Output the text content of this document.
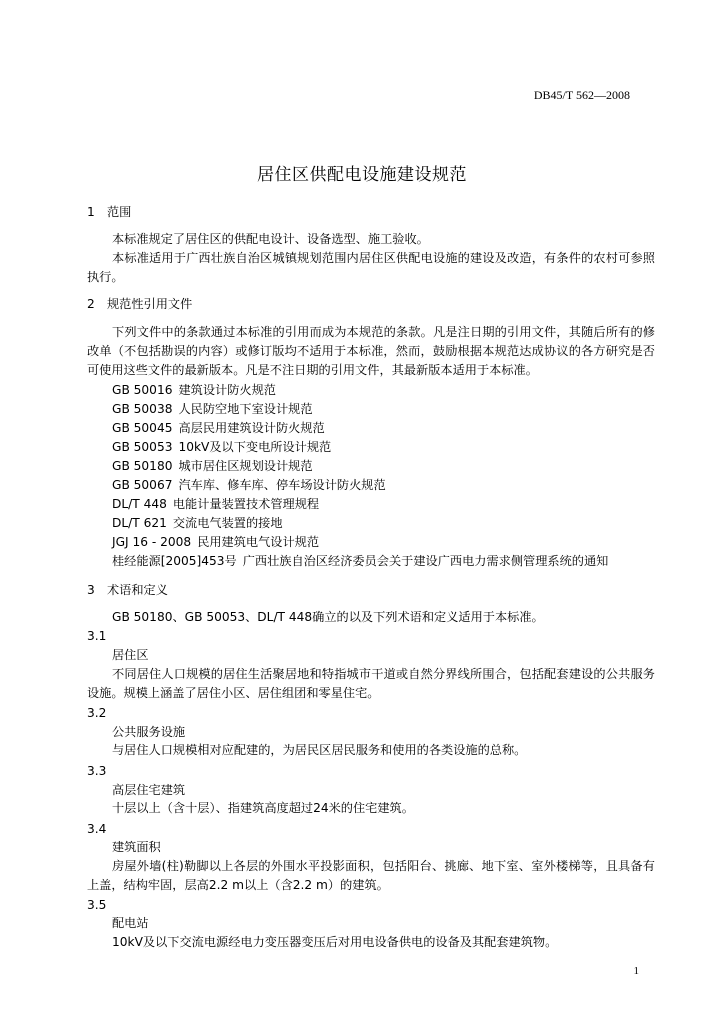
DB45/T 562—2008
居住区供配电设施建设规范
1 范围
本标准规定了居住区的供配电设计、设备选型、施工验收。
本标准适用于广西壮族自治区城镇规划范围内居住区供配电设施的建设及改造，有条件的农村可参照执行。
2 规范性引用文件
下列文件中的条款通过本标准的引用而成为本规范的条款。凡是注日期的引用文件，其随后所有的修改单（不包括勘误的内容）或修订版均不适用于本标准，然而，鼓励根据本规范达成协议的各方研究是否可使用这些文件的最新版本。凡是不注日期的引用文件，其最新版本适用于本标准。
GB 50016 建筑设计防火规范
GB 50038 人民防空地下室设计规范
GB 50045 高层民用建筑设计防火规范
GB 50053 10kV及以下变电所设计规范
GB 50180 城市居住区规划设计规范
GB 50067 汽车库、修车库、停车场设计防火规范
DL/T 448 电能计量装置技术管理规程
DL/T 621 交流电气装置的接地
JGJ 16 - 2008 民用建筑电气设计规范
桂经能源[2005]453号 广西壮族自治区经济委员会关于建设广西电力需求侧管理系统的通知
3 术语和定义
GB 50180、GB 50053、DL/T 448确立的以及下列术语和定义适用于本标准。
3.1
居住区
不同居住人口规模的居住生活聚居地和特指城市干道或自然分界线所围合，包括配套建设的公共服务设施。规模上涵盖了居住小区、居住组团和零星住宅。
3.2
公共服务设施
与居住人口规模相对应配建的，为居民区居民服务和使用的各类设施的总称。
3.3
高层住宅建筑
十层以上（含十层）、指建筑高度超过24米的住宅建筑。
3.4
建筑面积
房屋外墙(柱)勒脚以上各层的外围水平投影面积，包括阳台、挑廊、地下室、室外楼梯等，且具备有上盖，结构牢固，层高2.2 m以上（含2.2 m）的建筑。
3.5
配电站
10kV及以下交流电源经电力变压器变压后对用电设备供电的设备及其配套建筑物。
1
